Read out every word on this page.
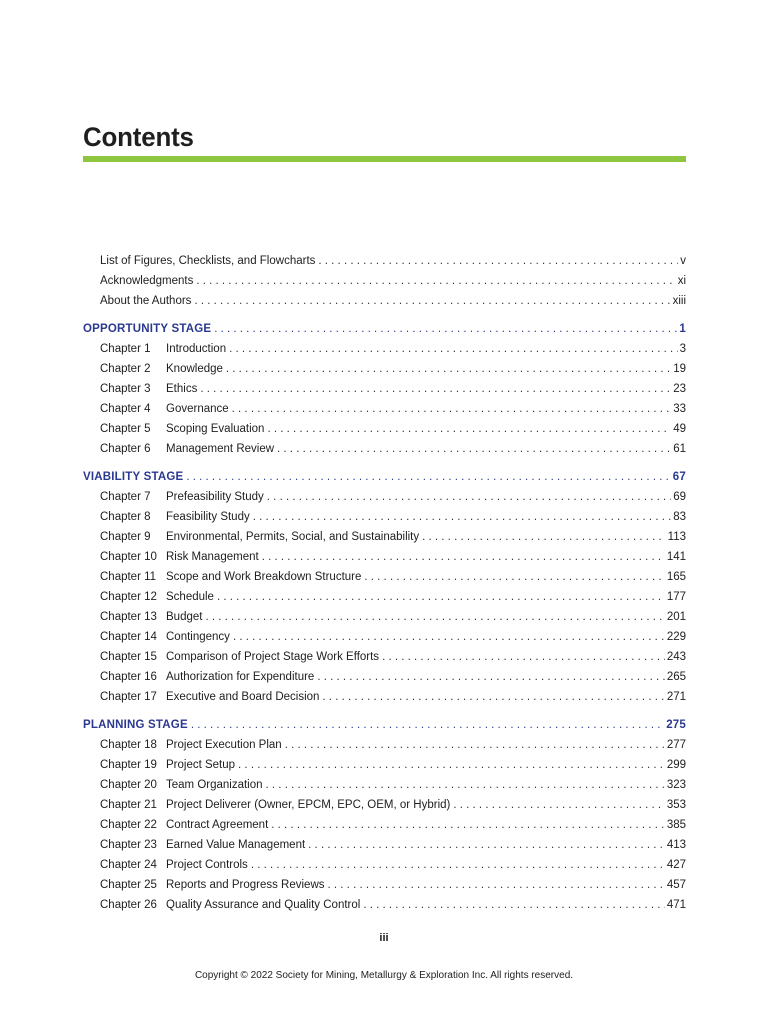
Contents
List of Figures, Checklists, and Flowcharts . . .	v
Acknowledgments . . .	xi
About the Authors . . .	xiii
OPPORTUNITY STAGE . . .	1
Chapter 1	Introduction . . .	3
Chapter 2	Knowledge . . .	19
Chapter 3	Ethics . . .	23
Chapter 4	Governance . . .	33
Chapter 5	Scoping Evaluation . . .	49
Chapter 6	Management Review . . .	61
VIABILITY STAGE . . .	67
Chapter 7	Prefeasibility Study . . .	69
Chapter 8	Feasibility Study . . .	83
Chapter 9	Environmental, Permits, Social, and Sustainability . . .	113
Chapter 10 Risk Management . . .	141
Chapter 11 Scope and Work Breakdown Structure . . .	165
Chapter 12 Schedule . . .	177
Chapter 13 Budget . . .	201
Chapter 14 Contingency . . .	229
Chapter 15 Comparison of Project Stage Work Efforts . . .	243
Chapter 16 Authorization for Expenditure . . .	265
Chapter 17 Executive and Board Decision . . .	271
PLANNING STAGE . . .	275
Chapter 18 Project Execution Plan . . .	277
Chapter 19 Project Setup . . .	299
Chapter 20 Team Organization . . .	323
Chapter 21 Project Deliverer (Owner, EPCM, EPC, OEM, or Hybrid) . . .	353
Chapter 22 Contract Agreement . . .	385
Chapter 23 Earned Value Management . . .	413
Chapter 24 Project Controls . . .	427
Chapter 25 Reports and Progress Reviews . . .	457
Chapter 26 Quality Assurance and Quality Control . . .	471
iii
Copyright © 2022 Society for Mining, Metallurgy & Exploration Inc. All rights reserved.
